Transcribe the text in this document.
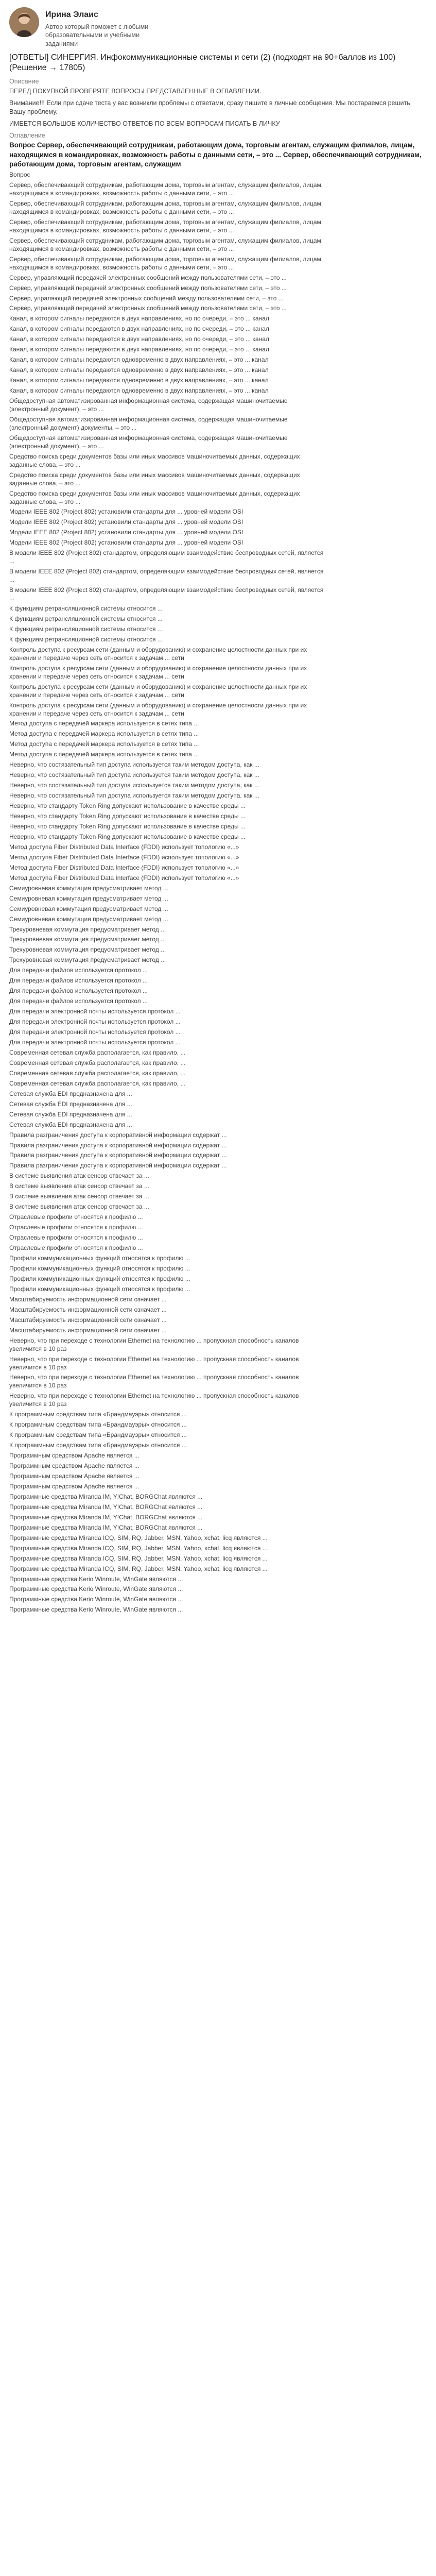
Ирина Элаис
Автор который поможет с любыми образовательными и учебными заданиями
[ОТВЕТЫ] СИНЕРГИЯ. Инфокоммуникационные системы и сети (2) (подходят на 90+баллов из 100) (Решение → 17805)
Описание
ПЕРЕД ПОКУПКОЙ ПРОВЕРЯТЕ ВОПРОСЫ ПРЕДСТАВЛЕННЫЕ В ОГЛАВЛЕНИИ.
Внимание!!! Если при сдаче теста у вас возникли проблемы с ответами, сразу пишите в личные сообщения. Мы постараемся решить Вашу проблему.
ИМЕЕТСЯ БОЛЬШОЕ КОЛИЧЕСТВО ОТВЕТОВ ПО ВСЕМ ВОПРОСАМ ПИСАТЬ В ЛИЧКУ
Оглавление
Вопрос Сервер, обеспечивающий сотрудникам, работающим дома, торговым агентам, служащим филиалов, лицам, находящимся в командировках, возможность работы с данными сети, – это ... Сервер, обеспечивающий сотрудникам, работающим дома, торговым агентам, служащим
Вопрос
Сервер, обеспечивающий сотрудникам, работающим дома, торговым агентам, служащим филиалов, лицам, находящимся в командировках, возможность работы с данными сети, – это ...
Сервер, обеспечивающий сотрудникам, работающим дома, торговым агентам, служащим филиалов, лицам, находящимся в командировках, возможность работы с данными сети, – это ...
Сервер, обеспечивающий сотрудникам, работающим дома, торговым агентам, служащим филиалов, лицам, находящимся в командировках, возможность работы с данными сети, – это ...
Сервер, обеспечивающий сотрудникам, работающим дома, торговым агентам, служащим филиалов, лицам, находящимся в командировках, возможность работы с данными сети, – это ...
Сервер, обеспечивающий сотрудникам, работающим дома, торговым агентам, служащим филиалов, лицам, находящимся в командировках, возможность работы с данными сети, – это ...
Сервер, управляющий передачей электронных сообщений между пользователями сети, – это ...
Сервер, управляющий передачей электронных сообщений между пользователями сети, – это ...
Сервер, упраляющий передачей электронных сообщений между пользователями сети, – это ...
Сервер, управляющий передачей электронных сообщений между пользователями сети, – это ...
Канал, в котором сигналы передаются в двух направлениях, но по очереди, – это ... канал
Канал, в котором сигналы передаются в двух направлениях, но по очереди, – это ... канал
Канал, в котором сигналы передаются в двух направлениях, но по очереди, – это ... канал
Канал, в котором сигналы передаются в двух направлениях, но по очереди, – это ... канал
Канал, в котором сигналы передаются одновременно в двух направлениях, – это ... канал
Канал, в котором сигналы передаются одновременно в двух направлениях, – это ... канал
Канал, в котором сигналы передаются одновременно в двух направлениях, – это ... канал
Канал, в котором сигналы передаются одновременно в двух направлениях, – это ... канал
Общедоступная автоматизированная информационная система, содержащая машиночитаемые (электронный документ), – это ...
Общедоступная автоматизированная информационная система, содержащая машиночитаемые (электронный документ) документы, – это ...
Общедоступная автоматизированная информационная система, содержащая машиночитаемые (электронный документ), – это ...
Средство поиска среди документов базы или иных массивов машиночитаемых данных, содержащих заданные слова, – это ...
Средство поиска среди документов базы или иных массивов машиночитаемых данных, содержащих заданные слова, – это ...
Средство поиска среди документов базы или иных массивов машиночитаемых данных, содержащих заданные слова, – это ...
Модели IEEE 802 (Project 802) установили стандарты для ... уровней модели OSI
Модели IEEE 802 (Project 802) установили стандарты для ... уровней модели OSI
Модели IEEE 802 (Project 802) установили стандарты для ... уровней модели OSI
Модели IEEE 802 (Project 802) установили стандарты для ... уровней модели OSI
В модели IEEE 802 (Project 802) стандартом, определяющим взаимодействие беспроводных сетей, является ...
В модели IEEE 802 (Project 802) стандартом, определяющим взаимодействие беспроводных сетей, является ...
В модели IEEE 802 (Project 802) стандартом, определяющим взаимодействие беспроводных сетей, является ...
К функциям ретрансляционной системы относится ...
К функциям ретрансляционной системы относится ...
К функциям ретрансляционной системы относится ...
К функциям ретрансляционной системы относится ...
Контроль доступа к ресурсам сети (данным и оборудованию) и сохранение целостности данных при их хранении и передаче через сеть относится к задачам ... сети
Контроль доступа к ресурсам сети (данным и оборудованию) и сохранение целостности данных при их хранении и передаче через сеть относится к задачам ... сети
Контроль доступа к ресурсам сети (данным и оборудованию) и сохранение целостности данных при их хранении и передаче через сеть относится к задачам ... сети
Контроль доступа к ресурсам сети (данным и оборудованию) и сохранение целостности данных при их хранении и передаче через сеть относится к задачам ... сети
Метод доступа с передачей маркера используется в сетях типа ...
Метод доступа с передачей маркера используется в сетях типа ...
Метод доступа с передачей маркера используется в сетях типа ...
Метод доступа с передачей маркера используется в сетях типа ...
Неверно, что состязательный тип доступа используется таким методом доступа, как ...
Неверно, что состязательный тип доступа используется таким методом доступа, как ...
Неверно, что состязательный тип доступа используется таким методом доступа, как ...
Неверно, что состязательный тип доступа используется таким методом доступа, как ...
Неверно, что стандарту Token Ring допускают использование в качестве среды ...
Неверно, что стандарту Token Ring допускают использование в качестве среды ...
Неверно, что стандарту Token Ring допускают использование в качестве среды ...
Неверно, что стандарту Token Ring допускают использование в качестве среды ...
Метод доступа Fiber Distributed Data Interface (FDDI) использует топологию «...»
Метод доступа Fiber Distributed Data Interface (FDDI) использует топологию «...»
Метод доступа Fiber Distributed Data Interface (FDDI) использует топологию «...»
Метод доступа Fiber Distributed Data Interface (FDDI) использует топологию «...»
Семиуровневая коммутация предусматривает метод ...
Семиуровневая коммутация предусматривает метод ...
Семиуровневая коммутация предусматривает метод ...
Семиуровневая коммутация предусматривает метод ...
Трехуровневая коммутация предусматривает метод ...
Трехуровневая коммутация предусматривает метод ...
Трехуровневая коммутация предусматривает метод ...
Трехуровневая коммутация предусматривает метод ...
Для передачи файлов используется протокол ...
Для передачи файлов используется протокол ...
Для передачи файлов используется протокол ...
Для передачи файлов используется протокол ...
Для передачи электронной почты используется протокол ...
Для передачи электронной почты используется протокол ...
Для передачи электронной почты используется протокол ...
Для передачи электронной почты используется протокол ...
Современная сетевая служба располагается, как правило, ...
Современная сетевая служба располагается, как правило, ...
Современная сетевая служба располагается, как правило, ...
Современная сетевая служба располагается, как правило, ...
Сетевая служба EDI предназначена для ...
Сетевая служба EDI предназначена для ...
Сетевая служба EDI предназначена для ...
Сетевая служба EDI предназначена для ...
Правила разграничения доступа к корпоративной информации содержат ...
Правила разграничения доступа к корпоративной информации содержат ...
Правила разграничения доступа к корпоративной информации содержат ...
Правила разграничения доступа к корпоративной информации содержат ...
В системе выявления атак сенсор отвечает за ...
В системе выявления атак сенсор отвечает за ...
В системе выявления атак сенсор отвечает за ...
В системе выявления атак сенсор отвечает за ...
Отраслевые профили относятся к профилю ...
Отраслевые профили относятся к профилю ...
Отраслевые профили относятся к профилю ...
Отраслевые профили относятся к профилю ...
Профили коммуникационных функций относятся к профилю ...
Профили коммуникационных функций относятся к профилю ...
Профили коммуникационных функций относятся к профилю ...
Профили коммуникационных функций относятся к профилю ...
Масштабируемость информационной сети означает ...
Масштабируемость информационной сети означает ...
Масштабируемость информационной сети означает ...
Масштабируемость информационной сети означает ...
Неверно, что при переходе с технологии Ethernet на технологию ... пропускная способность каналов увеличится в 10 раз
Неверно, что при переходе с технологии Ethernet на технологию ... пропускная способность каналов увеличится в 10 раз
Неверно, что при переходе с технологии Ethernet на технологию ... пропускная способность каналов увеличится в 10 раз
Неверно, что при переходе с технологии Ethernet на технологию ... пропускная способность каналов увеличится в 10 раз
К программным средствам типа «Брандмауэры» относится ...
К программным средствам типа «Брандмауэры» относится ...
К программным средствам типа «Брандмауэры» относится ...
К программным средствам типа «Брандмауэры» относится ...
Программным средством Apache является ...
Программным средством Apache является ...
Программным средством Apache является ...
Программным средством Apache является ...
Программные средства Miranda IM, Y!Chat, BORGChat являются ...
Программные средства Miranda IM, Y!Chat, BORGChat являются ...
Программные средства Miranda IM, Y!Chat, BORGChat являются ...
Программные средства Miranda IM, Y!Chat, BORGChat являются ...
Программные средства Miranda ICQ, SIM, RQ, Jabber, MSN, Yahoo, xchat, licq являются ...
Программные средства Miranda ICQ, SIM, RQ, Jabber, MSN, Yahoo, xchat, licq являются ...
Программные средства Miranda ICQ, SIM, RQ, Jabber, MSN, Yahoo, xchat, licq являются ...
Программные средства Miranda ICQ, SIM, RQ, Jabber, MSN, Yahoo, xchat, licq являются ...
Программные средства Kerio Winroute, WinGate являются ...
Программные средства Kerio Winroute, WinGate являются ...
Программные средства Kerio Winroute, WinGate являются ...
Программные средства Kerio Winroute, WinGate являются ...
